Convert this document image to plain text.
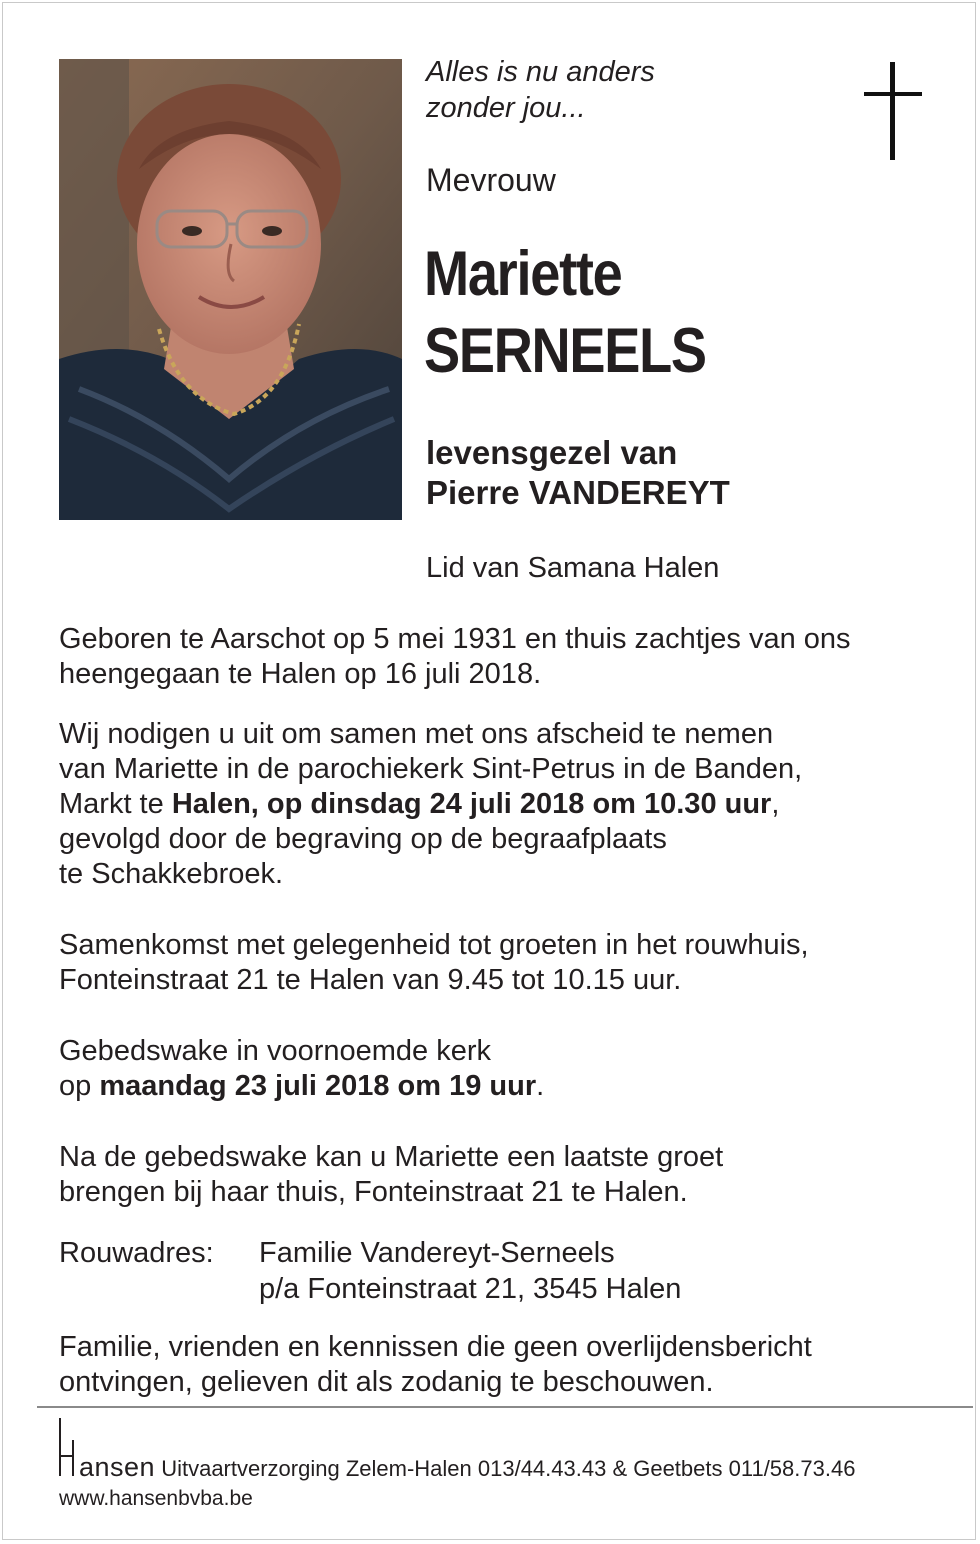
Alles is nu anders
zonder jou...
Mevrouw
Mariette
SERNEELS
levensgezel van
Pierre VANDEREYT
Lid van Samana Halen
Geboren te Aarschot op 5 mei 1931 en thuis zachtjes van ons
heengegaan te Halen op 16 juli 2018.
Wij nodigen u uit om samen met ons afscheid te nemen
van Mariette in de parochiekerk Sint-Petrus in de Banden,
Markt te Halen, op dinsdag 24 juli 2018 om 10.30 uur,
gevolgd door de begraving op de begraafplaats
te Schakkebroek.
Samenkomst met gelegenheid tot groeten in het rouwhuis,
Fonteinstraat 21 te Halen van 9.45 tot 10.15 uur.
Gebedswake in voornoemde kerk
op maandag 23 juli 2018 om 19 uur.
Na de gebedswake kan u Mariette een laatste groet
brengen bij haar thuis, Fonteinstraat 21 te Halen.
Rouwadres: Familie Vandereyt-Serneels
p/a Fonteinstraat 21, 3545 Halen
Familie, vrienden en kennissen die geen overlijdensbericht
ontvingen, gelieven dit als zodanig te beschouwen.
ansen Uitvaartverzorging Zelem-Halen 013/44.43.43 & Geetbets 011/58.73.46
www.hansenbvba.be
